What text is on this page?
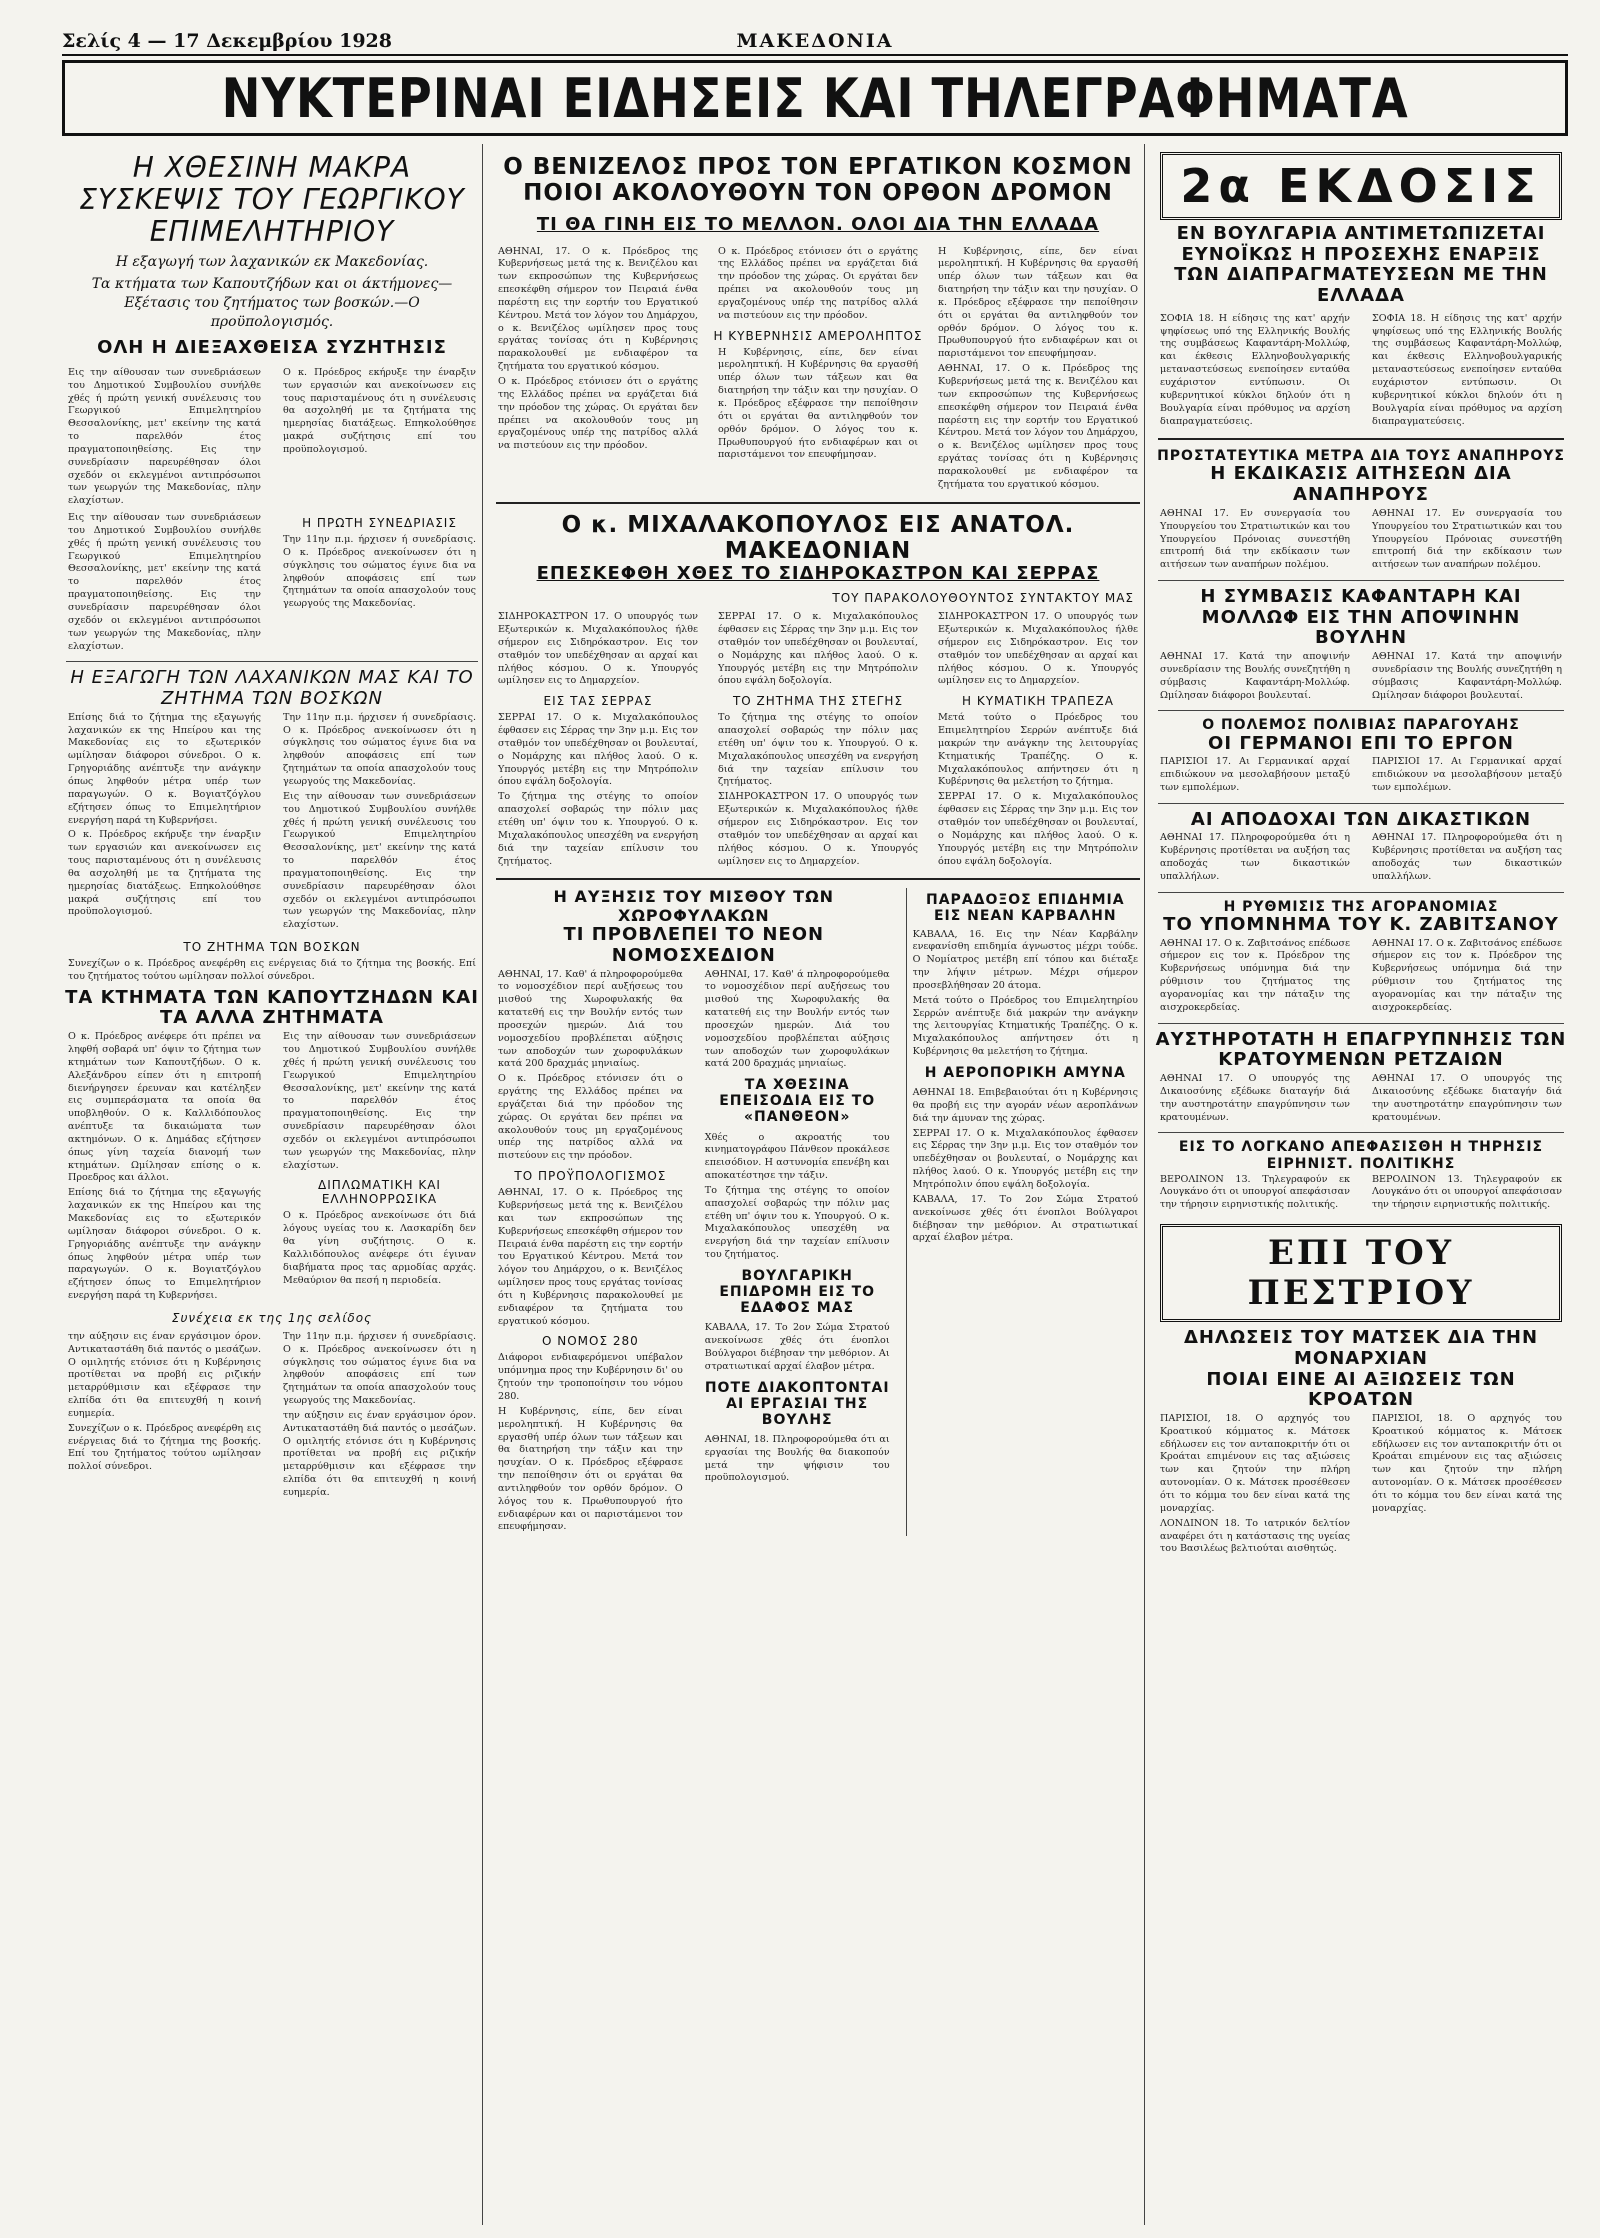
Σελίς 4 — 17 Δεκεμβρίου 1928	ΜΑΚΕΔΟΝΙΑ
ΝΥΚΤΕΡΙΝΑΙ ΕΙΔΗΣΕΙΣ ΚΑΙ ΤΗΛΕΓΡΑΦΗΜΑΤΑ
Η ΧΘΕΣΙΝΗ ΜΑΚΡΑ ΣΥΣΚΕΨΙΣ ΤΟΥ ΓΕΩΡΓΙΚΟΥ ΕΠΙΜΕΛΗΤΗΡΙΟΥ
Η εξαγωγή των λαχανικών εκ Μακεδονίας.
Τα κτήματα των Καπουτζήδων και οι άκτήμονες—Εξέτασις του ζητήματος των βοσκών.—Ο προϋπολογισμός.
ΟΛΗ Η ΔΙΕΞΑΧΘΕΙΣΑ ΣΥΖΗΤΗΣΙΣ

Εις την αίθουσαν των συνεδριάσεων του Δημοτικού Συμβουλίου συνήλθε χθές ή πρώτη γενική συνέλευσις του Γεωργικού Επιμελητηρίου Θεσσαλονίκης, μετ' εκείνην της κατά το παρελθόν έτος πραγματοποιηθείσης. Εις την συνεδρίασιν παρευρέθησαν όλοι σχεδόν οι εκλεγμένοι αντιπρόσωποι των γεωργών της Μακεδονίας, πλην ελαχίστων.

Ο κ. Πρόεδρος εκήρυξε την έναρξιν των εργασιών και ανεκοίνωσεν εις τους παρισταμένους ότι η συνέλευσις θα ασχοληθή με τα ζητήματα της ημερησίας διατάξεως. Επηκολούθησε μακρά συζήτησις επί του προϋπολογισμού.

Εις την αίθουσαν των συνεδριάσεων του Δημοτικού Συμβουλίου συνήλθε χθές ή πρώτη γενική συνέλευσις του Γεωργικού Επιμελητηρίου Θεσσαλονίκης, μετ' εκείνην της κατά το παρελθόν έτος πραγματοποιηθείσης. Εις την συνεδρίασιν παρευρέθησαν όλοι σχεδόν οι εκλεγμένοι αντιπρόσωποι των γεωργών της Μακεδονίας, πλην ελαχίστων.

Η ΠΡΩΤΗ ΣΥΝΕΔΡΙΑΣΙΣ

Την 11ην π.μ. ήρχισεν ή συνεδρίασις. Ο κ. Πρόεδρος ανεκοίνωσεν ότι η σύγκλησις του σώματος έγινε δια να ληφθούν αποφάσεις επί των ζητημάτων τα οποία απασχολούν τους γεωργούς της Μακεδονίας.

Η ΕΞΑΓΩΓΗ ΤΩΝ ΛΑΧΑΝΙΚΩΝ ΜΑΣ ΚΑΙ ΤΟ ΖΗΤΗΜΑ ΤΩΝ ΒΟΣΚΩΝ

Επίσης διά το ζήτημα της εξαγωγής λαχανικών εκ της Ηπείρου και της Μακεδονίας εις το εξωτερικόν ωμίλησαν διάφοροι σύνεδροι. Ο κ. Γρηγοριάδης ανέπτυξε την ανάγκην όπως ληφθούν μέτρα υπέρ των παραγωγών. Ο κ. Βογιατζόγλου εζήτησεν όπως το Επιμελητήριον ενεργήση παρά τη Κυβερνήσει.

Ο κ. Πρόεδρος εκήρυξε την έναρξιν των εργασιών και ανεκοίνωσεν εις τους παρισταμένους ότι η συνέλευσις θα ασχοληθή με τα ζητήματα της ημερησίας διατάξεως. Επηκολούθησε μακρά συζήτησις επί του προϋπολογισμού.

Την 11ην π.μ. ήρχισεν ή συνεδρίασις. Ο κ. Πρόεδρος ανεκοίνωσεν ότι η σύγκλησις του σώματος έγινε δια να ληφθούν αποφάσεις επί των ζητημάτων τα οποία απασχολούν τους γεωργούς της Μακεδονίας.

Εις την αίθουσαν των συνεδριάσεων του Δημοτικού Συμβουλίου συνήλθε χθές ή πρώτη γενική συνέλευσις του Γεωργικού Επιμελητηρίου Θεσσαλονίκης, μετ' εκείνην της κατά το παρελθόν έτος πραγματοποιηθείσης. Εις την συνεδρίασιν παρευρέθησαν όλοι σχεδόν οι εκλεγμένοι αντιπρόσωποι των γεωργών της Μακεδονίας, πλην ελαχίστων.

ΤΟ ΖΗΤΗΜΑ ΤΩΝ ΒΟΣΚΩΝ

Συνεχίζων ο κ. Πρόεδρος ανεφέρθη εις ενέργειας διά το ζήτημα της βοσκής. Επί του ζητήματος τούτου ωμίλησαν πολλοί σύνεδροι.

ΤΑ ΚΤΗΜΑΤΑ ΤΩΝ ΚΑΠΟΥΤΖΗΔΩΝ ΚΑΙ ΤΑ ΑΛΛΑ ΖΗΤΗΜΑΤΑ

Ο κ. Πρόεδρος ανέφερε ότι πρέπει να ληφθή σοβαρά υπ' όψιν το ζήτημα των κτημάτων των Καπουτζήδων. Ο κ. Αλεξάνδρου είπεν ότι η επιτροπή διενήργησεν έρευναν και κατέληξεν εις συμπεράσματα τα οποία θα υποβληθούν. Ο κ. Καλλιδόπουλος ανέπτυξε τα δικαιώματα των ακτημόνων. Ο κ. Δημάδας εζήτησεν όπως γίνη ταχεία διανομή των κτημάτων. Ωμίλησαν επίσης ο κ. Προεδρος και άλλοι.

Επίσης διά το ζήτημα της εξαγωγής λαχανικών εκ της Ηπείρου και της Μακεδονίας εις το εξωτερικόν ωμίλησαν διάφοροι σύνεδροι. Ο κ. Γρηγοριάδης ανέπτυξε την ανάγκην όπως ληφθούν μέτρα υπέρ των παραγωγών. Ο κ. Βογιατζόγλου εζήτησεν όπως το Επιμελητήριον ενεργήση παρά τη Κυβερνήσει.

Εις την αίθουσαν των συνεδριάσεων του Δημοτικού Συμβουλίου συνήλθε χθές ή πρώτη γενική συνέλευσις του Γεωργικού Επιμελητηρίου Θεσσαλονίκης, μετ' εκείνην της κατά το παρελθόν έτος πραγματοποιηθείσης. Εις την συνεδρίασιν παρευρέθησαν όλοι σχεδόν οι εκλεγμένοι αντιπρόσωποι των γεωργών της Μακεδονίας, πλην ελαχίστων.

ΔΙΠΛΩΜΑΤΙΚΗ ΚΑΙ ΕΛΛΗΝΟΡΡΩΣΙΚΑ

Ο κ. Πρόεδρος ανεκοίνωσε ότι διά λόγους υγείας του κ. Λασκαρίδη δεν θα γίνη συζήτησις. Ο κ. Καλλιδόπουλος ανέφερε ότι έγιναν διαβήματα προς τας αρμοδίας αρχάς. Μεθαύριον θα πεσή η περιοδεία.

Συνέχεια εκ της 1ης σελίδος

την αύξησιν εις έναν εργάσιμον όρον. Αντικαταστάθη διά παντός ο μεσάζων. Ο ομιλητής ετόνισε ότι η Κυβέρνησις προτίθεται να προβή εις ριζικήν μεταρρύθμισιν και εξέφρασε την ελπίδα ότι θα επιτευχθή η κοινή ευημερία.

Συνεχίζων ο κ. Πρόεδρος ανεφέρθη εις ενέργειας διά το ζήτημα της βοσκής. Επί του ζητήματος τούτου ωμίλησαν πολλοί σύνεδροι.

Την 11ην π.μ. ήρχισεν ή συνεδρίασις. Ο κ. Πρόεδρος ανεκοίνωσεν ότι η σύγκλησις του σώματος έγινε δια να ληφθούν αποφάσεις επί των ζητημάτων τα οποία απασχολούν τους γεωργούς της Μακεδονίας.

την αύξησιν εις έναν εργάσιμον όρον. Αντικαταστάθη διά παντός ο μεσάζων. Ο ομιλητής ετόνισε ότι η Κυβέρνησις προτίθεται να προβή εις ριζικήν μεταρρύθμισιν και εξέφρασε την ελπίδα ότι θα επιτευχθή η κοινή ευημερία.

Ο ΒΕΝΙΖΕΛΟΣ ΠΡΟΣ ΤΟΝ ΕΡΓΑΤΙΚΟΝ ΚΟΣΜΟΝ
ΠΟΙΟΙ ΑΚΟΛΟΥΘΟΥΝ ΤΟΝ ΟΡΘΟΝ ΔΡΟΜΟΝ
ΤΙ ΘΑ ΓΙΝΗ ΕΙΣ ΤΟ ΜΕΛΛΟΝ. ΟΛΟΙ ΔΙΑ ΤΗΝ ΕΛΛΑΔΑ

ΑΘΗΝΑΙ, 17. Ο κ. Πρόεδρος της Κυβερνήσεως μετά της κ. Βενιζέλου και των εκπροσώπων της Κυβερνήσεως επεσκέφθη σήμερον τον Πειραιά ένθα παρέστη εις την εορτήν του Εργατικού Κέντρου. Μετά τον λόγον του Δημάρχου, ο κ. Βενιζέλος ωμίλησεν προς τους εργάτας τονίσας ότι η Κυβέρνησις παρακολουθεί με ενδιαφέρον τα ζητήματα του εργατικού κόσμου.

Ο κ. Πρόεδρος ετόνισεν ότι ο εργάτης της Ελλάδος πρέπει να εργάζεται διά την πρόοδον της χώρας. Οι εργάται δεν πρέπει να ακολουθούν τους μη εργαζομένους υπέρ της πατρίδος αλλά να πιστεύουν εις την πρόοδον.

Ο κ. Πρόεδρος ετόνισεν ότι ο εργάτης της Ελλάδος πρέπει να εργάζεται διά την πρόοδον της χώρας. Οι εργάται δεν πρέπει να ακολουθούν τους μη εργαζομένους υπέρ της πατρίδος αλλά να πιστεύουν εις την πρόοδον.

Η ΚΥΒΕΡΝΗΣΙΣ ΑΜΕΡΟΛΗΠΤΟΣ

Η Κυβέρνησις, είπε, δεν είναι μεροληπτική. Η Κυβέρνησις θα εργασθή υπέρ όλων των τάξεων και θα διατηρήση την τάξιν και την ησυχίαν. Ο κ. Πρόεδρος εξέφρασε την πεποίθησιν ότι οι εργάται θα αντιληφθούν τον ορθόν δρόμον. Ο λόγος του κ. Πρωθυπουργού ήτο ενδιαφέρων και οι παριστάμενοι τον επευφήμησαν.

Η Κυβέρνησις, είπε, δεν είναι μεροληπτική. Η Κυβέρνησις θα εργασθή υπέρ όλων των τάξεων και θα διατηρήση την τάξιν και την ησυχίαν. Ο κ. Πρόεδρος εξέφρασε την πεποίθησιν ότι οι εργάται θα αντιληφθούν τον ορθόν δρόμον. Ο λόγος του κ. Πρωθυπουργού ήτο ενδιαφέρων και οι παριστάμενοι τον επευφήμησαν.

ΑΘΗΝΑΙ, 17. Ο κ. Πρόεδρος της Κυβερνήσεως μετά της κ. Βενιζέλου και των εκπροσώπων της Κυβερνήσεως επεσκέφθη σήμερον τον Πειραιά ένθα παρέστη εις την εορτήν του Εργατικού Κέντρου. Μετά τον λόγον του Δημάρχου, ο κ. Βενιζέλος ωμίλησεν προς τους εργάτας τονίσας ότι η Κυβέρνησις παρακολουθεί με ενδιαφέρον τα ζητήματα του εργατικού κόσμου.

Ο κ. ΜΙΧΑΛΑΚΟΠΟΥΛΟΣ ΕΙΣ ΑΝΑΤΟΛ. ΜΑΚΕΔΟΝΙΑΝ
ΕΠΕΣΚΕΦΘΗ ΧΘΕΣ ΤΟ ΣΙΔΗΡΟΚΑΣΤΡΟΝ ΚΑΙ ΣΕΡΡΑΣ
ΤΟΥ ΠΑΡΑΚΟΛΟΥΘΟΥΝΤΟΣ ΣΥΝΤΑΚΤΟΥ ΜΑΣ

ΣΙΔΗΡΟΚΑΣΤΡΟΝ 17. Ο υπουργός των Εξωτερικών κ. Μιχαλακόπουλος ήλθε σήμερον εις Σιδηρόκαστρον. Εις τον σταθμόν τον υπεδέχθησαν αι αρχαί και πλήθος κόσμου. Ο κ. Υπουργός ωμίλησεν εις το Δημαρχείον.

ΕΙΣ ΤΑΣ ΣΕΡΡΑΣ

ΣΕΡΡΑΙ 17. Ο κ. Μιχαλακόπουλος έφθασεν εις Σέρρας την 3ην μ.μ. Εις τον σταθμόν τον υπεδέχθησαν οι βουλευταί, ο Νομάρχης και πλήθος λαού. Ο κ. Υπουργός μετέβη εις την Μητρόπολιν όπου εψάλη δοξολογία.

Το ζήτημα της στέγης το οποίον απασχολεί σοβαρώς την πόλιν μας ετέθη υπ' όψιν του κ. Υπουργού. Ο κ. Μιχαλακόπουλος υπεσχέθη να ενεργήση διά την ταχείαν επίλυσιν του ζητήματος.

ΣΕΡΡΑΙ 17. Ο κ. Μιχαλακόπουλος έφθασεν εις Σέρρας την 3ην μ.μ. Εις τον σταθμόν τον υπεδέχθησαν οι βουλευταί, ο Νομάρχης και πλήθος λαού. Ο κ. Υπουργός μετέβη εις την Μητρόπολιν όπου εψάλη δοξολογία.

ΤΟ ΖΗΤΗΜΑ ΤΗΣ ΣΤΕΓΗΣ

Το ζήτημα της στέγης το οποίον απασχολεί σοβαρώς την πόλιν μας ετέθη υπ' όψιν του κ. Υπουργού. Ο κ. Μιχαλακόπουλος υπεσχέθη να ενεργήση διά την ταχείαν επίλυσιν του ζητήματος.

ΣΙΔΗΡΟΚΑΣΤΡΟΝ 17. Ο υπουργός των Εξωτερικών κ. Μιχαλακόπουλος ήλθε σήμερον εις Σιδηρόκαστρον. Εις τον σταθμόν τον υπεδέχθησαν αι αρχαί και πλήθος κόσμου. Ο κ. Υπουργός ωμίλησεν εις το Δημαρχείον.

ΣΙΔΗΡΟΚΑΣΤΡΟΝ 17. Ο υπουργός των Εξωτερικών κ. Μιχαλακόπουλος ήλθε σήμερον εις Σιδηρόκαστρον. Εις τον σταθμόν τον υπεδέχθησαν αι αρχαί και πλήθος κόσμου. Ο κ. Υπουργός ωμίλησεν εις το Δημαρχείον.

Η ΚΥΜΑΤΙΚΗ ΤΡΑΠΕΖΑ

Μετά τούτο ο Πρόεδρος του Επιμελητηρίου Σερρών ανέπτυξε διά μακρών την ανάγκην της λειτουργίας Κτηματικής Τραπέζης. Ο κ. Μιχαλακόπουλος απήντησεν ότι η Κυβέρνησις θα μελετήση το ζήτημα.

ΣΕΡΡΑΙ 17. Ο κ. Μιχαλακόπουλος έφθασεν εις Σέρρας την 3ην μ.μ. Εις τον σταθμόν τον υπεδέχθησαν οι βουλευταί, ο Νομάρχης και πλήθος λαού. Ο κ. Υπουργός μετέβη εις την Μητρόπολιν όπου εψάλη δοξολογία.

Η ΑΥΞΗΣΙΣ ΤΟΥ ΜΙΣΘΟΥ ΤΩΝ ΧΩΡΟΦΥΛΑΚΩΝ
ΤΙ ΠΡΟΒΛΕΠΕΙ ΤΟ ΝΕΟΝ ΝΟΜΟΣΧΕΔΙΟΝ

ΑΘΗΝΑΙ, 17. Καθ' ά πληροφορούμεθα το νομοσχέδιον περί αυξήσεως του μισθού της Χωροφυλακής θα κατατεθή εις την Βουλήν εντός των προσεχών ημερών. Διά του νομοσχεδίου προβλέπεται αύξησις των αποδοχών των χωροφυλάκων κατά 200 δραχμάς μηνιαίως.

Ο κ. Πρόεδρος ετόνισεν ότι ο εργάτης της Ελλάδος πρέπει να εργάζεται διά την πρόοδον της χώρας. Οι εργάται δεν πρέπει να ακολουθούν τους μη εργαζομένους υπέρ της πατρίδος αλλά να πιστεύουν εις την πρόοδον.

ΤΟ ΠΡΟΫΠΟΛΟΓΙΣΜΟΣ

ΑΘΗΝΑΙ, 17. Ο κ. Πρόεδρος της Κυβερνήσεως μετά της κ. Βενιζέλου και των εκπροσώπων της Κυβερνήσεως επεσκέφθη σήμερον τον Πειραιά ένθα παρέστη εις την εορτήν του Εργατικού Κέντρου. Μετά τον λόγον του Δημάρχου, ο κ. Βενιζέλος ωμίλησεν προς τους εργάτας τονίσας ότι η Κυβέρνησις παρακολουθεί με ενδιαφέρον τα ζητήματα του εργατικού κόσμου.

Ο ΝΟΜΟΣ 280

Διάφοροι ενδιαφερόμενοι υπέβαλον υπόμνημα προς την Κυβέρνησιν δι' ου ζητούν την τροποποίησιν του νόμου 280.

Η Κυβέρνησις, είπε, δεν είναι μεροληπτική. Η Κυβέρνησις θα εργασθή υπέρ όλων των τάξεων και θα διατηρήση την τάξιν και την ησυχίαν. Ο κ. Πρόεδρος εξέφρασε την πεποίθησιν ότι οι εργάται θα αντιληφθούν τον ορθόν δρόμον. Ο λόγος του κ. Πρωθυπουργού ήτο ενδιαφέρων και οι παριστάμενοι τον επευφήμησαν.

ΑΘΗΝΑΙ, 17. Καθ' ά πληροφορούμεθα το νομοσχέδιον περί αυξήσεως του μισθού της Χωροφυλακής θα κατατεθή εις την Βουλήν εντός των προσεχών ημερών. Διά του νομοσχεδίου προβλέπεται αύξησις των αποδοχών των χωροφυλάκων κατά 200 δραχμάς μηνιαίως.

ΤΑ ΧΘΕΣΙΝΑ ΕΠΕΙΣΟΔΙΑ ΕΙΣ ΤΟ «ΠΑΝΘΕΟΝ»

Χθές ο ακροατής του κινηματογράφου Πάνθεον προκάλεσε επεισόδιον. Η αστυνομία επενέβη και αποκατέστησε την τάξιν.

Το ζήτημα της στέγης το οποίον απασχολεί σοβαρώς την πόλιν μας ετέθη υπ' όψιν του κ. Υπουργού. Ο κ. Μιχαλακόπουλος υπεσχέθη να ενεργήση διά την ταχείαν επίλυσιν του ζητήματος.

ΒΟΥΛΓΑΡΙΚΗ ΕΠΙΔΡΟΜΗ ΕΙΣ ΤΟ ΕΔΑΦΟΣ ΜΑΣ

ΚΑΒΑΛΑ, 17. Το 2ον Σώμα Στρατού ανεκοίνωσε χθές ότι ένοπλοι Βούλγαροι διέβησαν την μεθόριον. Αι στρατιωτικαί αρχαί έλαβον μέτρα.

ΠΟΤΕ ΔΙΑΚΟΠΤΟΝΤΑΙ ΑΙ ΕΡΓΑΣΙΑΙ ΤΗΣ ΒΟΥΛΗΣ

ΑΘΗΝΑΙ, 18. Πληροφορούμεθα ότι αι εργασίαι της Βουλής θα διακοπούν μετά την ψήφισιν του προϋπολογισμού.

ΠΑΡΑΔΟΞΟΣ ΕΠΙΔΗΜΙΑ ΕΙΣ ΝΕΑΝ ΚΑΡΒΑΛΗΝ

ΚΑΒΑΛΑ, 16. Εις την Νέαν Καρβάλην ενεφανίσθη επιδημία άγνωστος μέχρι τούδε. Ο Νομίατρος μετέβη επί τόπου και διέταξε την λήψιν μέτρων. Μέχρι σήμερον προσεβλήθησαν 20 άτομα.

Μετά τούτο ο Πρόεδρος του Επιμελητηρίου Σερρών ανέπτυξε διά μακρών την ανάγκην της λειτουργίας Κτηματικής Τραπέζης. Ο κ. Μιχαλακόπουλος απήντησεν ότι η Κυβέρνησις θα μελετήση το ζήτημα.

Η ΑΕΡΟΠΟΡΙΚΗ ΑΜΥΝΑ

ΑΘΗΝΑΙ 18. Επιβεβαιούται ότι η Κυβέρνησις θα προβή εις την αγοράν νέων αεροπλάνων διά την άμυναν της χώρας.

ΣΕΡΡΑΙ 17. Ο κ. Μιχαλακόπουλος έφθασεν εις Σέρρας την 3ην μ.μ. Εις τον σταθμόν τον υπεδέχθησαν οι βουλευταί, ο Νομάρχης και πλήθος λαού. Ο κ. Υπουργός μετέβη εις την Μητρόπολιν όπου εψάλη δοξολογία.

ΚΑΒΑΛΑ, 17. Το 2ον Σώμα Στρατού ανεκοίνωσε χθές ότι ένοπλοι Βούλγαροι διέβησαν την μεθόριον. Αι στρατιωτικαί αρχαί έλαβον μέτρα.

2α ΕΚΔΟΣΙΣ
ΕΝ ΒΟΥΛΓΑΡΙΑ ΑΝΤΙΜΕΤΩΠΙΖΕΤΑΙ ΕΥΝΟΪΚΩΣ Η ΠΡΟΣΕΧΗΣ ΕΝΑΡΞΙΣ ΤΩΝ ΔΙΑΠΡΑΓΜΑΤΕΥΣΕΩΝ ΜΕ ΤΗΝ ΕΛΛΑΔΑ

ΣΟΦΙΑ 18. Η είδησις της κατ' αρχήν ψηφίσεως υπό της Ελληνικής Βουλής της συμβάσεως Καφαντάρη-Μολλώφ, και έκθεσις Ελληνοβουλγαρικής μεταναστεύσεως ενεποίησεν ενταύθα ευχάριστον εντύπωσιν. Οι κυβερνητικοί κύκλοι δηλούν ότι η Βουλγαρία είναι πρόθυμος να αρχίση διαπραγματεύσεις.

ΣΟΦΙΑ 18. Η είδησις της κατ' αρχήν ψηφίσεως υπό της Ελληνικής Βουλής της συμβάσεως Καφαντάρη-Μολλώφ, και έκθεσις Ελληνοβουλγαρικής μεταναστεύσεως ενεποίησεν ενταύθα ευχάριστον εντύπωσιν. Οι κυβερνητικοί κύκλοι δηλούν ότι η Βουλγαρία είναι πρόθυμος να αρχίση διαπραγματεύσεις.

ΠΡΟΣΤΑΤΕΥΤΙΚΑ ΜΕΤΡΑ ΔΙΑ ΤΟΥΣ ΑΝΑΠΗΡΟΥΣ
Η ΕΚΔΙΚΑΣΙΣ ΑΙΤΗΣΕΩΝ ΔΙΑ ΑΝΑΠΗΡΟΥΣ

ΑΘΗΝΑΙ 17. Εν συνεργασία του Υπουργείου του Στρατιωτικών και του Υπουργείου Πρόνοιας συνεστήθη επιτροπή διά την εκδίκασιν των αιτήσεων των αναπήρων πολέμου.

ΑΘΗΝΑΙ 17. Εν συνεργασία του Υπουργείου του Στρατιωτικών και του Υπουργείου Πρόνοιας συνεστήθη επιτροπή διά την εκδίκασιν των αιτήσεων των αναπήρων πολέμου.

Η ΣΥΜΒΑΣΙΣ ΚΑΦΑΝΤΑΡΗ ΚΑΙ ΜΟΛΛΩΦ ΕΙΣ ΤΗΝ ΑΠΟΨΙΝΗΝ ΒΟΥΛΗΝ

ΑΘΗΝΑΙ 17. Κατά την αποψινήν συνεδρίασιν της Βουλής συνεζητήθη η σύμβασις Καφαντάρη-Μολλώφ. Ωμίλησαν διάφοροι βουλευταί.

ΑΘΗΝΑΙ 17. Κατά την αποψινήν συνεδρίασιν της Βουλής συνεζητήθη η σύμβασις Καφαντάρη-Μολλώφ. Ωμίλησαν διάφοροι βουλευταί.

Ο ΠΟΛΕΜΟΣ ΠΟΛΙΒΙΑΣ ΠΑΡΑΓΟΥΑΗΣ
ΟΙ ΓΕΡΜΑΝΟΙ ΕΠΙ ΤΟ ΕΡΓΟΝ

ΠΑΡΙΣΙΟΙ 17. Αι Γερμανικαί αρχαί επιδιώκουν να μεσολαβήσουν μεταξύ των εμπολέμων.

ΠΑΡΙΣΙΟΙ 17. Αι Γερμανικαί αρχαί επιδιώκουν να μεσολαβήσουν μεταξύ των εμπολέμων.

ΑΙ ΑΠΟΔΟΧΑΙ ΤΩΝ ΔΙΚΑΣΤΙΚΩΝ

ΑΘΗΝΑΙ 17. Πληροφορούμεθα ότι η Κυβέρνησις προτίθεται να αυξήση τας αποδοχάς των δικαστικών υπαλλήλων.

ΑΘΗΝΑΙ 17. Πληροφορούμεθα ότι η Κυβέρνησις προτίθεται να αυξήση τας αποδοχάς των δικαστικών υπαλλήλων.

Η ΡΥΘΜΙΣΙΣ ΤΗΣ ΑΓΟΡΑΝΟΜΙΑΣ
ΤΟ ΥΠΟΜΝΗΜΑ ΤΟΥ Κ. ΖΑΒΙΤΣΑΝΟΥ

ΑΘΗΝΑΙ 17. Ο κ. Ζαβιτσάνος επέδωσε σήμερον εις τον κ. Πρόεδρον της Κυβερνήσεως υπόμνημα διά την ρύθμισιν του ζητήματος της αγορανομίας και την πάταξιν της αισχροκερδείας.

ΑΘΗΝΑΙ 17. Ο κ. Ζαβιτσάνος επέδωσε σήμερον εις τον κ. Πρόεδρον της Κυβερνήσεως υπόμνημα διά την ρύθμισιν του ζητήματος της αγορανομίας και την πάταξιν της αισχροκερδείας.

ΑΥΣΤΗΡΟΤΑΤΗ Η ΕΠΑΓΡΥΠΝΗΣΙΣ ΤΩΝ ΚΡΑΤΟΥΜΕΝΩΝ ΡΕΤΖΑΙΩΝ

ΑΘΗΝΑΙ 17. Ο υπουργός της Δικαιοσύνης εξέδωκε διαταγήν διά την αυστηροτάτην επαγρύπνησιν των κρατουμένων.

ΑΘΗΝΑΙ 17. Ο υπουργός της Δικαιοσύνης εξέδωκε διαταγήν διά την αυστηροτάτην επαγρύπνησιν των κρατουμένων.

ΕΙΣ ΤΟ ΛΟΓΚΑΝΟ ΑΠΕΦΑΣΙΣΘΗ Η ΤΗΡΗΣΙΣ ΕΙΡΗΝΙΣΤ. ΠΟΛΙΤΙΚΗΣ

ΒΕΡΟΛΙΝΟΝ 13. Τηλεγραφούν εκ Λουγκάνο ότι οι υπουργοί απεφάσισαν την τήρησιν ειρηνιστικής πολιτικής.

ΒΕΡΟΛΙΝΟΝ 13. Τηλεγραφούν εκ Λουγκάνο ότι οι υπουργοί απεφάσισαν την τήρησιν ειρηνιστικής πολιτικής.

ΕΠΙ ΤΟΥ ΠΕΣΤΡΙΟΥ
ΔΗΛΩΣΕΙΣ ΤΟΥ ΜΑΤΣΕΚ ΔΙΑ ΤΗΝ ΜΟΝΑΡΧΙΑΝ
ΠΟΙΑΙ ΕΙΝΕ ΑΙ ΑΞΙΩΣΕΙΣ ΤΩΝ ΚΡΟΑΤΩΝ

ΠΑΡΙΣΙΟΙ, 18. Ο αρχηγός του Κροατικού κόμματος κ. Μάτσεκ εδήλωσεν εις τον ανταποκριτήν ότι οι Κροάται επιμένουν εις τας αξιώσεις των και ζητούν την πλήρη αυτονομίαν. Ο κ. Μάτσεκ προσέθεσεν ότι το κόμμα του δεν είναι κατά της μοναρχίας.

ΛΟΝΔΙΝΟΝ 18. Το ιατρικόν δελτίον αναφέρει ότι η κατάστασις της υγείας του Βασιλέως βελτιούται αισθητώς.

ΠΑΡΙΣΙΟΙ, 18. Ο αρχηγός του Κροατικού κόμματος κ. Μάτσεκ εδήλωσεν εις τον ανταποκριτήν ότι οι Κροάται επιμένουν εις τας αξιώσεις των και ζητούν την πλήρη αυτονομίαν. Ο κ. Μάτσεκ προσέθεσεν ότι το κόμμα του δεν είναι κατά της μοναρχίας.
